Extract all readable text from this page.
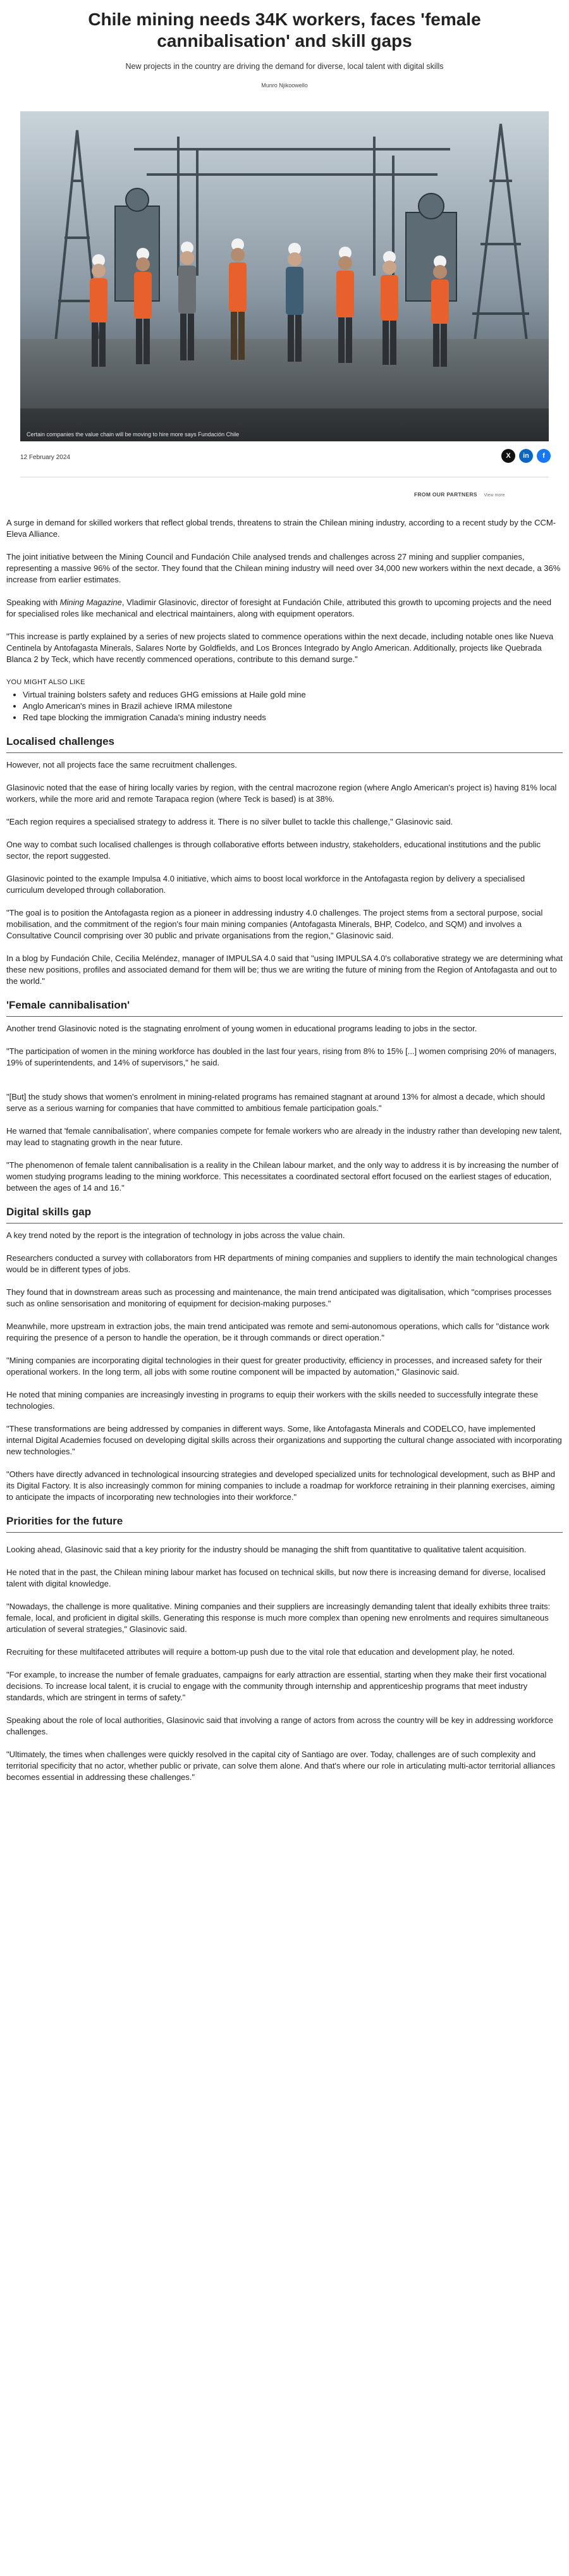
Chile mining needs 34K workers, faces 'female cannibalisation' and skill gaps
New projects in the country are driving the demand for diverse, local talent with digital skills
Munro Njikoowello
Certain companies the value chain will be moving to hire more says Fundación Chile
12 February 2024	X	in	f
FROM OUR PARTNERS View more

A surge in demand for skilled workers that reflect global trends, threatens to strain the Chilean mining industry, according to a recent study by the CCM-Eleva Alliance.

The joint initiative between the Mining Council and Fundación Chile analysed trends and challenges across 27 mining and supplier companies, representing a massive 96% of the sector. They found that the Chilean mining industry will need over 34,000 new workers within the next decade, a 36% increase from earlier estimates.

Speaking with Mining Magazine, Vladimir Glasinovic, director of foresight at Fundación Chile, attributed this growth to upcoming projects and the need for specialised roles like mechanical and electrical maintainers, along with equipment operators.

"This increase is partly explained by a series of new projects slated to commence operations within the next decade, including notable ones like Nueva Centinela by Antofagasta Minerals, Salares Norte by Goldfields, and Los Bronces Integrado by Anglo American. Additionally, projects like Quebrada Blanca 2 by Teck, which have recently commenced operations, contribute to this demand surge."

YOU MIGHT ALSO LIKE
• Virtual training bolsters safety and reduces GHG emissions at Haile gold mine
• Anglo American's mines in Brazil achieve IRMA milestone
• Red tape blocking the immigration Canada's mining industry needs
Localised challenges

However, not all projects face the same recruitment challenges.

Glasinovic noted that the ease of hiring locally varies by region, with the central macrozone region (where Anglo American's project is) having 81% local workers, while the more arid and remote Tarapaca region (where Teck is based) is at 38%.

"Each region requires a specialised strategy to address it. There is no silver bullet to tackle this challenge," Glasinovic said.

One way to combat such localised challenges is through collaborative efforts between industry, stakeholders, educational institutions and the public sector, the report suggested.

Glasinovic pointed to the example Impulsa 4.0 initiative, which aims to boost local workforce in the Antofagasta region by delivery a specialised curriculum developed through collaboration.

"The goal is to position the Antofagasta region as a pioneer in addressing industry 4.0 challenges. The project stems from a sectoral purpose, social mobilisation, and the commitment of the region's four main mining companies (Antofagasta Minerals, BHP, Codelco, and SQM) and involves a Consultative Council comprising over 30 public and private organisations from the region," Glasinovic said.

In a blog by Fundación Chile, Cecilia Meléndez, manager of IMPULSA 4.0 said that "using IMPULSA 4.0's collaborative strategy we are determining what these new positions, profiles and associated demand for them will be; thus we are writing the future of mining from the Region of Antofagasta and out to the world."

'Female cannibalisation'

Another trend Glasinovic noted is the stagnating enrolment of young women in educational programs leading to jobs in the sector.

"The participation of women in the mining workforce has doubled in the last four years, rising from 8% to 15% [...] women comprising 20% of managers, 19% of superintendents, and 14% of supervisors," he said.

"[But] the study shows that women's enrolment in mining-related programs has remained stagnant at around 13% for almost a decade, which should serve as a serious warning for companies that have committed to ambitious female participation goals."

He warned that 'female cannibalisation', where companies compete for female workers who are already in the industry rather than developing new talent, may lead to stagnating growth in the near future.

"The phenomenon of female talent cannibalisation is a reality in the Chilean labour market, and the only way to address it is by increasing the number of women studying programs leading to the mining workforce. This necessitates a coordinated sectoral effort focused on the earliest stages of education, between the ages of 14 and 16."

Digital skills gap

A key trend noted by the report is the integration of technology in jobs across the value chain.

Researchers conducted a survey with collaborators from HR departments of mining companies and suppliers to identify the main technological changes would be in different types of jobs.

They found that in downstream areas such as processing and maintenance, the main trend anticipated was digitalisation, which "comprises processes such as online sensorisation and monitoring of equipment for decision-making purposes."

Meanwhile, more upstream in extraction jobs, the main trend anticipated was remote and semi-autonomous operations, which calls for "distance work requiring the presence of a person to handle the operation, be it through commands or direct operation."

"Mining companies are incorporating digital technologies in their quest for greater productivity, efficiency in processes, and increased safety for their operational workers. In the long term, all jobs with some routine component will be impacted by automation," Glasinovic said.

He noted that mining companies are increasingly investing in programs to equip their workers with the skills needed to successfully integrate these technologies.

"These transformations are being addressed by companies in different ways. Some, like Antofagasta Minerals and CODELCO, have implemented internal Digital Academies focused on developing digital skills across their organizations and supporting the cultural change associated with incorporating new technologies."

"Others have directly advanced in technological insourcing strategies and developed specialized units for technological development, such as BHP and its Digital Factory. It is also increasingly common for mining companies to include a roadmap for workforce retraining in their planning exercises, aiming to anticipate the impacts of incorporating new technologies into their workforce."

Priorities for the future

Looking ahead, Glasinovic said that a key priority for the industry should be managing the shift from quantitative to qualitative talent acquisition.

He noted that in the past, the Chilean mining labour market has focused on technical skills, but now there is increasing demand for diverse, localised talent with digital knowledge.

"Nowadays, the challenge is more qualitative. Mining companies and their suppliers are increasingly demanding talent that ideally exhibits three traits: female, local, and proficient in digital skills. Generating this response is much more complex than opening new enrolments and requires simultaneous articulation of several strategies," Glasinovic said.

Recruiting for these multifaceted attributes will require a bottom-up push due to the vital role that education and development play, he noted.

"For example, to increase the number of female graduates, campaigns for early attraction are essential, starting when they make their first vocational decisions. To increase local talent, it is crucial to engage with the community through internship and apprenticeship programs that meet industry standards, which are stringent in terms of safety."

Speaking about the role of local authorities, Glasinovic said that involving a range of actors from across the country will be key in addressing workforce challenges.

"Ultimately, the times when challenges were quickly resolved in the capital city of Santiago are over. Today, challenges are of such complexity and territorial specificity that no actor, whether public or private, can solve them alone. And that's where our role in articulating multi-actor territorial alliances becomes essential in addressing these challenges."
